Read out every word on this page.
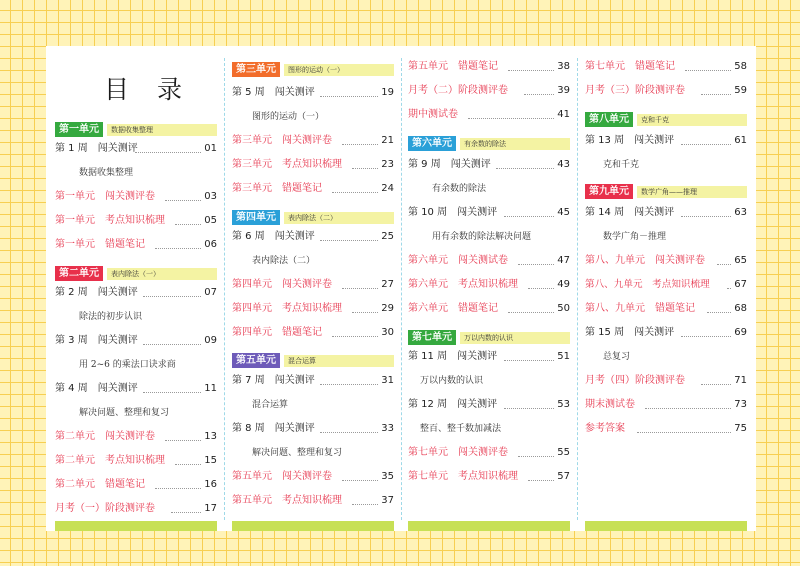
目 录
第一单元	数据收集整理
第 1 周　闯关测评	01
数据收集整理
第一单元　闯关测评卷	03
第一单元　考点知识梳理	05
第一单元　错题笔记	06
第二单元	表内除法（一）
第 2 周　闯关测评	07
除法的初步认识
第 3 周　闯关测评	09
用 2~6 的乘法口诀求商
第 4 周　闯关测评	11
解决问题、整理和复习
第二单元　闯关测评卷	13
第二单元　考点知识梳理	15
第二单元　错题笔记	16
月考（一）阶段测评卷	17
第三单元	图形的运动（一）
第 5 周　闯关测评	19
图形的运动（一）
第三单元　闯关测评卷	21
第三单元　考点知识梳理	23
第三单元　错题笔记	24
第四单元	表内除法（二）
第 6 周　闯关测评	25
表内除法（二）
第四单元　闯关测评卷	27
第四单元　考点知识梳理	29
第四单元　错题笔记	30
第五单元	混合运算
第 7 周　闯关测评	31
混合运算
第 8 周　闯关测评	33
解决问题、整理和复习
第五单元　闯关测评卷	35
第五单元　考点知识梳理	37
第五单元　错题笔记	38
月考（二）阶段测评卷	39
期中测试卷	41
第六单元	有余数的除法
第 9 周　闯关测评	43
有余数的除法
第 10 周　闯关测评	45
用有余数的除法解决问题
第六单元　闯关测试卷	47
第六单元　考点知识梳理	49
第六单元　错题笔记	50
第七单元	万以内数的认识
第 11 周　闯关测评	51
万以内数的认识
第 12 周　闯关测评	53
整百、整千数加减法
第七单元　闯关测评卷	55
第七单元　考点知识梳理	57
第七单元　错题笔记	58
月考（三）阶段测评卷	59
第八单元	克和千克
第 13 周　闯关测评	61
克和千克
第九单元	数学广角——推理
第 14 周　闯关测评	63
数学广角－推理
第八、九单元　闯关测评卷	65
第八、九单元　考点知识梳理 67
第八、九单元　错题笔记	68
第 15 周　闯关测评	69
总复习
月考（四）阶段测评卷	71
期末测试卷	73
参考答案	75
